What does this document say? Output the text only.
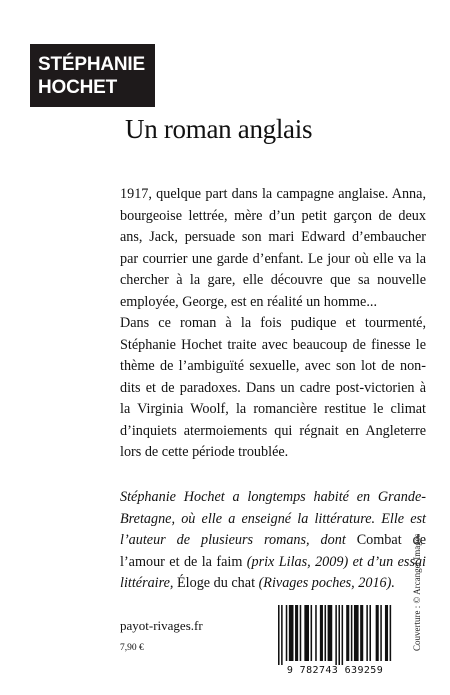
STÉPHANIE
HOCHET
Un roman anglais

1917, quelque part dans la campagne anglaise. Anna, bourgeoise lettrée, mère d’un petit garçon de deux ans, Jack, persuade son mari Edward d’embaucher par courrier une garde d’enfant. Le jour où elle va la chercher à la gare, elle découvre que sa nouvelle employée, George, est en réalité un homme...

Dans ce roman à la fois pudique et tourmenté, Stéphanie Hochet traite avec beaucoup de finesse le thème de l’ambiguïté sexuelle, avec son lot de non-dits et de paradoxes. Dans un cadre post-victorien à la Virginia Woolf, la romancière restitue le climat d’inquiets atermoiements qui régnait en Angleterre lors de cette période troublée.

Stéphanie Hochet a longtemps habité en Grande-Bretagne, où elle a enseigné la littérature. Elle est l’auteur de plusieurs romans, dont Combat de l’amour et de la faim (prix Lilas, 2009) et d’un essai littéraire, Éloge du chat (Rivages poches, 2016).	Couverture : © Arcangel Images
payot-rivages.fr
7,90 €
9 782743 639259
